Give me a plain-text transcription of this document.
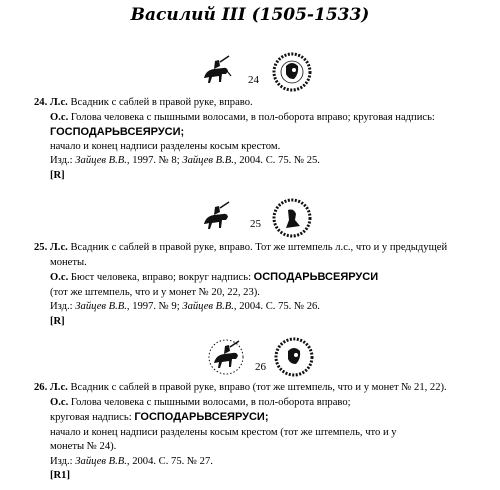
Василий III (1505-1533)
24
24. Л.с. Всадник с саблей в правой руке, вправо.
О.с. Голова человека с пышными волосами, в пол-оборота вправо; круговая надпись:
ГОСПОДАРЬВСЕЯРУСИ;
начало и конец надписи разделены косым крестом.
Изд.: Зайцев В.В., 1997. № 8; Зайцев В.В., 2004. С. 75. № 25.
[R]
25
25. Л.с. Всадник с саблей в правой руке, вправо. Тот же штемпель л.с., что и у предыдущей
монеты.
О.с. Бюст человека, вправо; вокруг надпись: ОСПОДАРЬВСЕЯРУСИ
(тот же штемпель, что и у монет № 20, 22, 23).
Изд.: Зайцев В.В., 1997. № 9; Зайцев В.В., 2004. С. 75. № 26.
[R]
26
26. Л.с. Всадник с саблей в правой руке, вправо (тот же штемпель, что и у монет № 21, 22).
О.с. Голова человека с пышными волосами, в пол-оборота вправо;
круговая надпись: ГОСПОДАРЬВСЕЯРУСИ;
начало и конец надписи разделены косым крестом (тот же штемпель, что и у
монеты № 24).
Изд.: Зайцев В.В., 2004. С. 75. № 27.
[R1]
